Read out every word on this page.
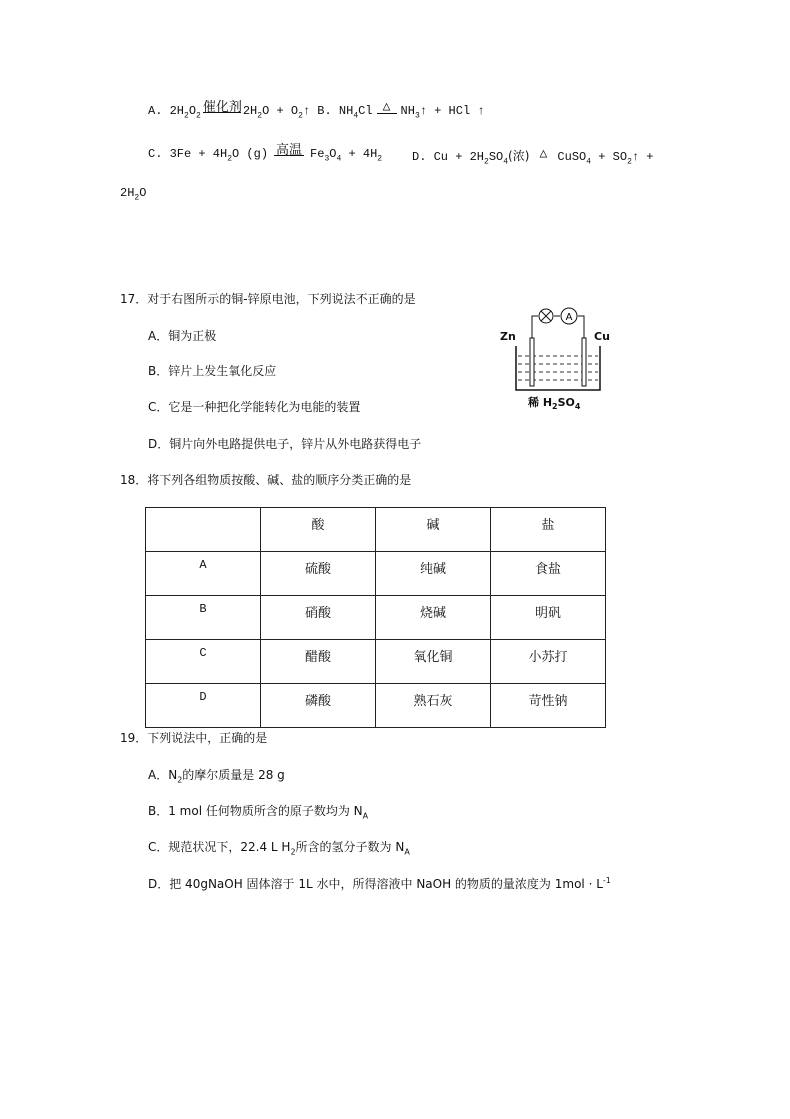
A. $2H_2O_2$
催化剂 $2H_2O$ + $O_2↑$ B. $NH_4Cl$ △ $NH_3↑$ + HCl ↑
C. $3Fe + 4H_2O$ (g) 高温 $Fe_3O_4 + 4H_2$ D. $Cu + 2H_2SO_4$(浓) △ CuSO$_4$ + $SO_2↑$ +
$2H_2O$
17．对于右图所示的铜-锌原电池，下列说法不正确的是
A．铜为正极
B．锌片上发生氧化反应
C．它是一种把化学能转化为电能的装置
D．铜片向外电路提供电子，锌片从外电路获得电子
A
Zn	Cu
稀 $H_2SO_4$
18．将下列各组物质按酸、碱、盐的顺序分类正确的是
	酸	碱	盐
A	硫酸	纯碱	食盐
B	硝酸	烧碱	明矾
C	醋酸	氧化铜	小苏打
D	磷酸	熟石灰	苛性钠
19．下列说法中，正确的是
A．$N_2$的摩尔质量是 28 g
B．1 mol 任何物质所含的原子数均为 $N_A$
C．规范状况下，22.4 L $H_2$所含的氢分子数为 $N_A$
D．把 40gNaOH 固体溶于 1L 水中，所得溶液中 NaOH 的物质的量浓度为 $1mol \cdot L^{-1}$
